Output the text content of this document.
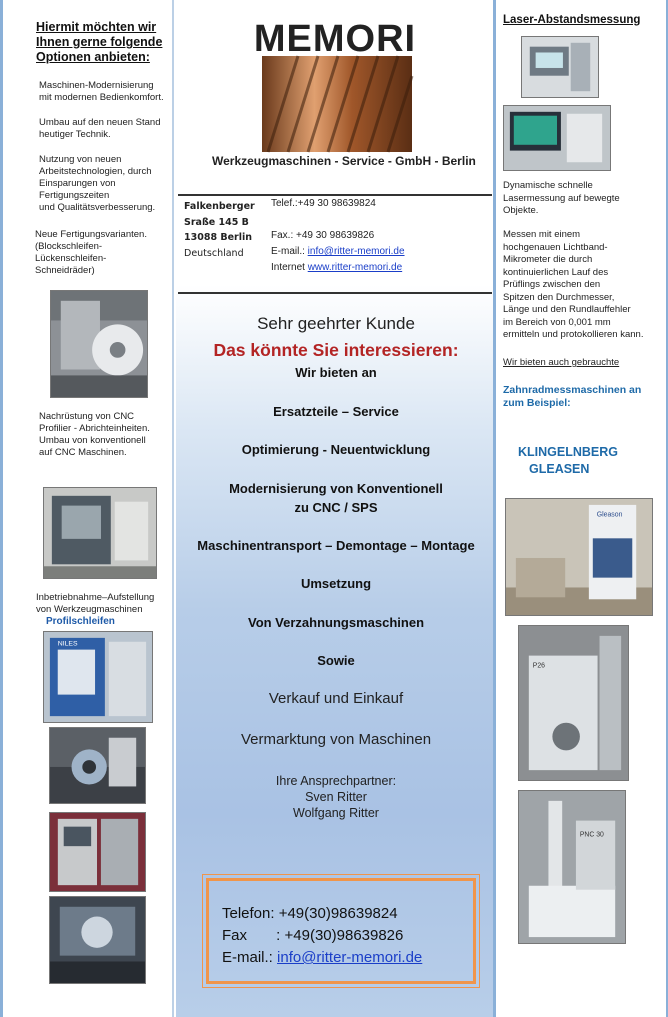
Hiermit möchten wir
Ihnen gerne folgende
Optionen anbieten:
Maschinen-Modernisierung
mit modernen Bedienkomfort.
Umbau auf den neuen Stand
heutiger Technik.
Nutzung von neuen
Arbeitstechnologien, durch
Einsparungen von
Fertigungszeiten
und Qualitätsverbesserung.
Neue Fertigungsvarianten.
(Blockschleifen-
Lückenschleifen-
Schneidräder)
Nachrüstung von CNC
Profilier - Abrichteinheiten.
Umbau von konventionell
auf CNC Maschinen.
Inbetriebnahme–Aufstellung
von Werkzeugmaschinen
Profilschleifen
NILES
MEMORI
Werkzeugmaschinen - Service - GmbH - Berlin
Falkenberger
Sraße 145 B
13088 Berlin
Deutschland
Telef.:+49 30 98639824
Fax.: +49 30 98639826
E-mail.: info@ritter-memori.de
Internet www.ritter-memori.de
Sehr geehrter Kunde
Das könnte Sie interessieren:
Wir bieten an
Ersatzteile – Service
Optimierung - Neuentwicklung
Modernisierung von Konventionell
zu CNC / SPS
Maschinentransport – Demontage – Montage
Umsetzung
Von Verzahnungsmaschinen
Sowie
Verkauf und Einkauf
Vermarktung von Maschinen
Ihre Ansprechpartner:
Sven Ritter
Wolfgang Ritter
Telefon: +49(30)98639824
Fax       : +49(30)98639826
E-mail.: info@ritter-memori.de
Laser-Abstandsmessung
Dynamische schnelle
Lasermessung auf bewegte
Objekte.
Messen mit einem
hochgenauen Lichtband-
Mikrometer die durch
kontinuierlichen Lauf des
Prüflings zwischen den
Spitzen den Durchmesser,
Länge und den Rundlauffehler
im Bereich von 0,001 mm
ermitteln und protokollieren kann.
Wir bieten auch gebrauchte
Zahnradmessmaschinen an
zum Beispiel:
KLINGELNBERG
GLEASEN
Gleason
P26
PNC 30
